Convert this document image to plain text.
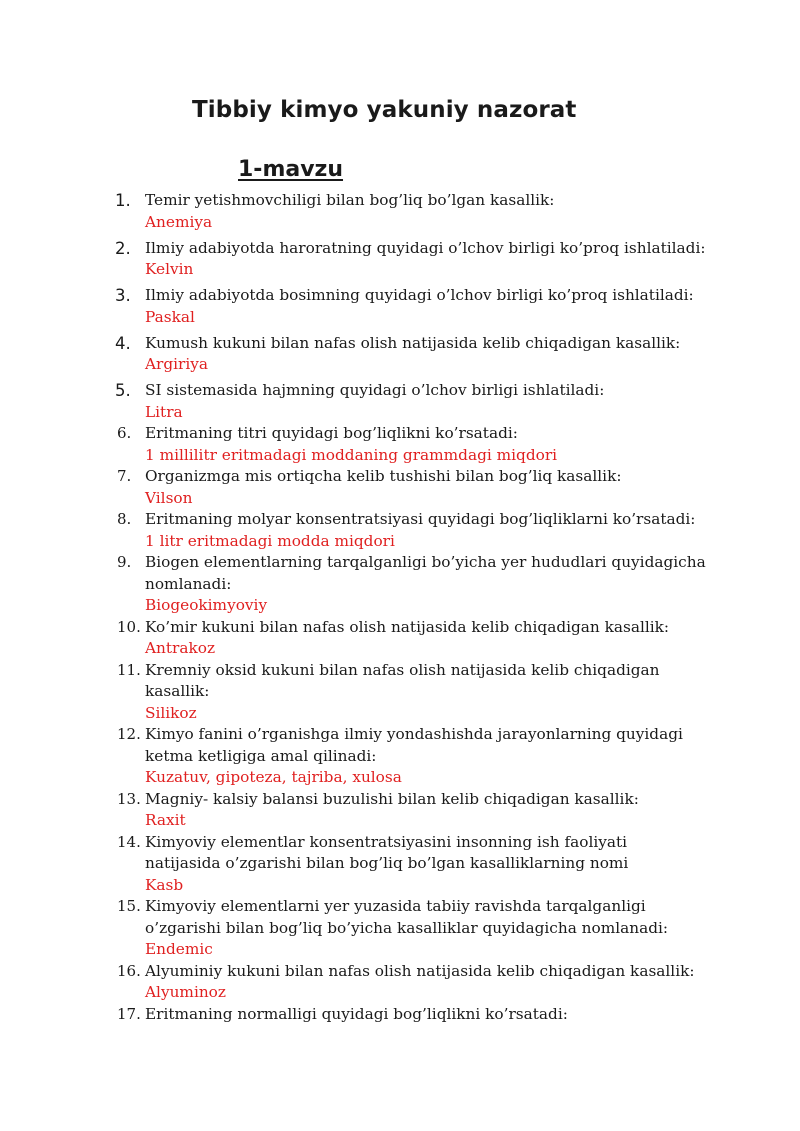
Tibbiy kimyo yakuniy nazorat
1-mavzu
1. Temir yetishmovchiligi bilan bog’liq bo’lgan kasallik:
Anemiya
2. Ilmiy adabiyotda haroratning quyidagi o’lchov birligi ko’proq ishlatiladi:
Kelvin
3. Ilmiy adabiyotda bosimning quyidagi o’lchov birligi ko’proq ishlatiladi:
Paskal
4. Kumush kukuni bilan nafas olish natijasida kelib chiqadigan kasallik:
Argiriya
5. SI sistemasida hajmning quyidagi o’lchov birligi ishlatiladi:
Litra
6. Eritmaning titri quyidagi bog’liqlikni ko’rsatadi:
1 millilitr eritmadagi moddaning grammdagi miqdori
7. Organizmga mis ortiqcha kelib tushishi bilan bog’liq kasallik:
Vilson
8. Eritmaning molyar konsentratsiyasi quyidagi bog’liqliklarni ko’rsatadi:
1 litr eritmadagi modda miqdori
9. Biogen elementlarning tarqalganligi bo’yicha yer hududlari quyidagicha
nomlanadi:
Biogeokimyoviy
10. Ko’mir kukuni bilan nafas olish natijasida kelib chiqadigan kasallik:
Antrakoz
11. Kremniy oksid kukuni bilan nafas olish natijasida kelib chiqadigan
kasallik:
Silikoz
12. Kimyo fanini o’rganishga ilmiy yondashishda jarayonlarning quyidagi
ketma ketligiga amal qilinadi:
Kuzatuv, gipoteza, tajriba, xulosa
13. Magniy- kalsiy balansi buzulishi bilan kelib chiqadigan kasallik:
Raxit
14. Kimyoviy elementlar konsentratsiyasini insonning ish faoliyati
natijasida o’zgarishi bilan bog’liq bo’lgan kasalliklarning nomi
Kasb
15. Kimyoviy elementlarni yer yuzasida tabiiy ravishda tarqalganligi
o’zgarishi bilan bog’liq bo’yicha kasalliklar quyidagicha nomlanadi:
Endemic
16. Alyuminiy kukuni bilan nafas olish natijasida kelib chiqadigan kasallik:
Alyuminoz
17. Eritmaning normalligi quyidagi bog’liqlikni ko’rsatadi:
